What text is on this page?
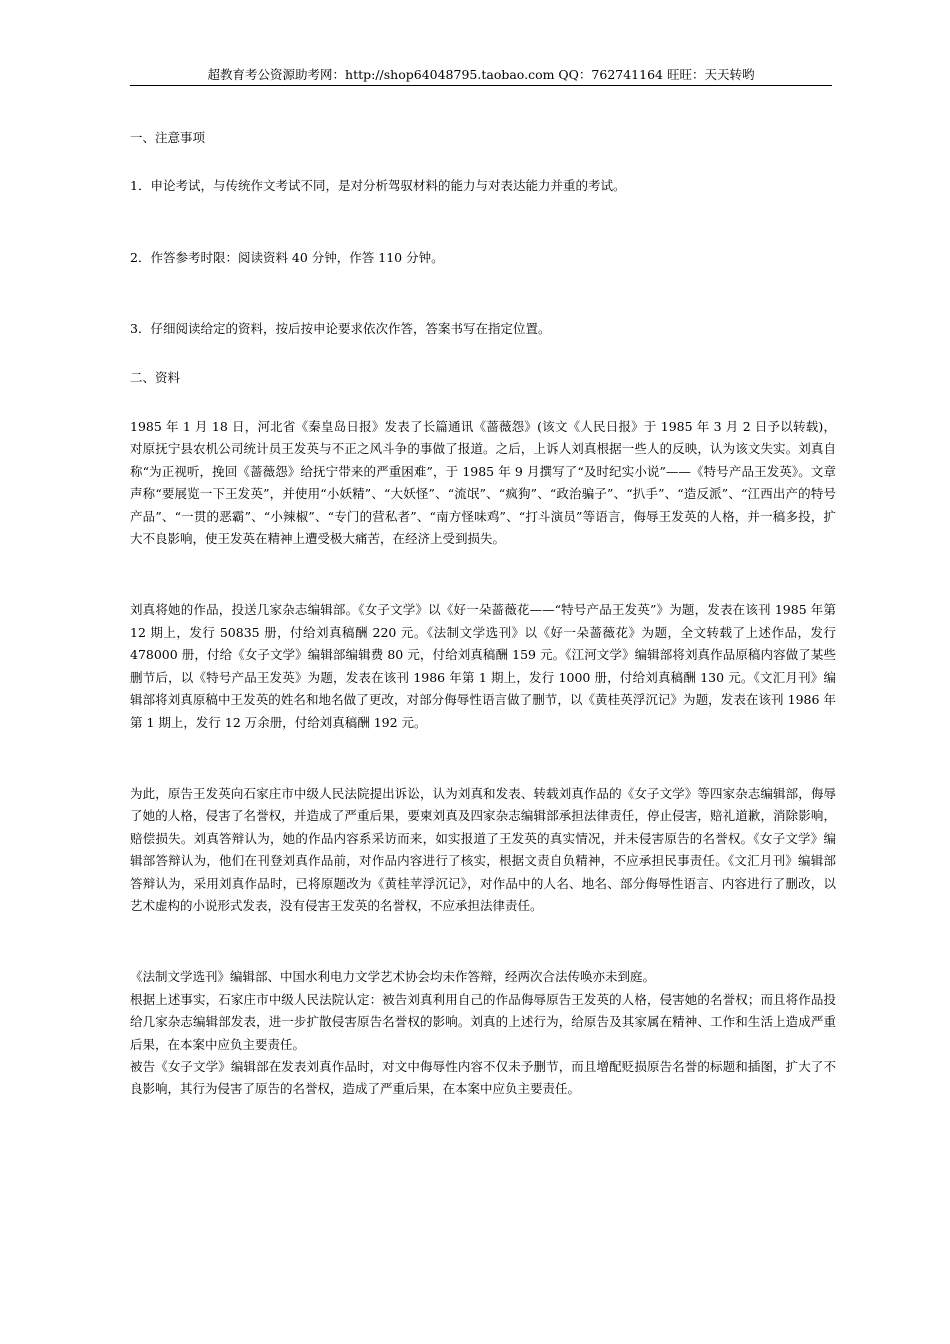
超教育考公资源助考网：http://shop64048795.taobao.com QQ：762741164 旺旺：天天转哟

一、注意事项

1．申论考试，与传统作文考试不同，是对分析驾驭材料的能力与对表达能力并重的考试。

2．作答参考时限：阅读资料 40 分钟，作答 110 分钟。

3．仔细阅读给定的资料，按后按申论要求依次作答，答案书写在指定位置。

二、资料

1985 年 1 月 18 日，河北省《秦皇岛日报》发表了长篇通讯《蔷薇怨》(该文《人民日报》于 1985 年 3 月 2 日予以转载)，对原抚宁县农机公司统计员王发英与不正之风斗争的事做了报道。之后，上诉人刘真根据一些人的反映，认为该文失实。刘真自称“为正视听，挽回《蔷薇怨》给抚宁带来的严重困难”，于 1985 年 9 月撰写了“及时纪实小说”——《特号产品王发英》。文章声称“要展览一下王发英”，并使用“小妖精”、“大妖怪”、“流氓”、“疯狗”、“政治骗子”、“扒手”、“造反派”、“江西出产的特号产品”、“一贯的恶霸”、“小辣椒”、“专门的营私者”、“南方怪味鸡”、“打斗演员”等语言，侮辱王发英的人格，并一稿多投，扩大不良影响，使王发英在精神上遭受极大痛苦，在经济上受到损失。

刘真将她的作品，投送几家杂志编辑部。《女子文学》以《好一朵蔷薇花——“特号产品王发英”》为题，发表在该刊 1985 年第 12 期上，发行 50835 册，付给刘真稿酬 220 元。《法制文学选刊》以《好一朵蔷薇花》为题，全文转载了上述作品，发行 478000 册，付给《女子文学》编辑部编辑费 80 元，付给刘真稿酬 159 元。《江河文学》编辑部将刘真作品原稿内容做了某些删节后，以《特号产品王发英》为题，发表在该刊 1986 年第 1 期上，发行 1000 册，付给刘真稿酬 130 元。《文汇月刊》编辑部将刘真原稿中王发英的姓名和地名做了更改，对部分侮辱性语言做了删节，以《黄桂英浮沉记》为题，发表在该刊 1986 年第 1 期上，发行 12 万余册，付给刘真稿酬 192 元。

为此，原告王发英向石家庄市中级人民法院提出诉讼，认为刘真和发表、转载刘真作品的《女子文学》等四家杂志编辑部，侮辱了她的人格，侵害了名誉权，并造成了严重后果，要柬刘真及四家杂志编辑部承担法律责任，停止侵害，赔礼道歉，消除影响，赔偿损失。刘真答辩认为，她的作品内容系采访而来，如实报道了王发英的真实情况，并未侵害原告的名誉权。《女子文学》编辑部答辩认为，他们在刊登刘真作品前，对作品内容进行了核实，根据文责自负精神，不应承担民事责任。《文汇月刊》编辑部答辩认为，采用刘真作品时，已将原题改为《黄桂苹浮沉记》，对作品中的人名、地名、部分侮辱性语言、内容进行了删改，以艺术虚构的小说形式发表，没有侵害王发英的名誉权，不应承担法律责任。

《法制文学选刊》编辑部、中国水利电力文学艺术协会均未作答辩，经两次合法传唤亦未到庭。

根据上述事实，石家庄市中级人民法院认定：被告刘真利用自己的作品侮辱原告王发英的人格，侵害她的名誉权；而且将作品投给几家杂志编辑部发表，进一步扩散侵害原告名誉权的影响。刘真的上述行为，给原告及其家属在精神、工作和生活上造成严重后果，在本案中应负主要责任。

被告《女子文学》编辑部在发表刘真作品时，对文中侮辱性内容不仅未予删节，而且增配贬损原告名誉的标题和插图，扩大了不良影响，其行为侵害了原告的名誉权，造成了严重后果，在本案中应负主要责任。
